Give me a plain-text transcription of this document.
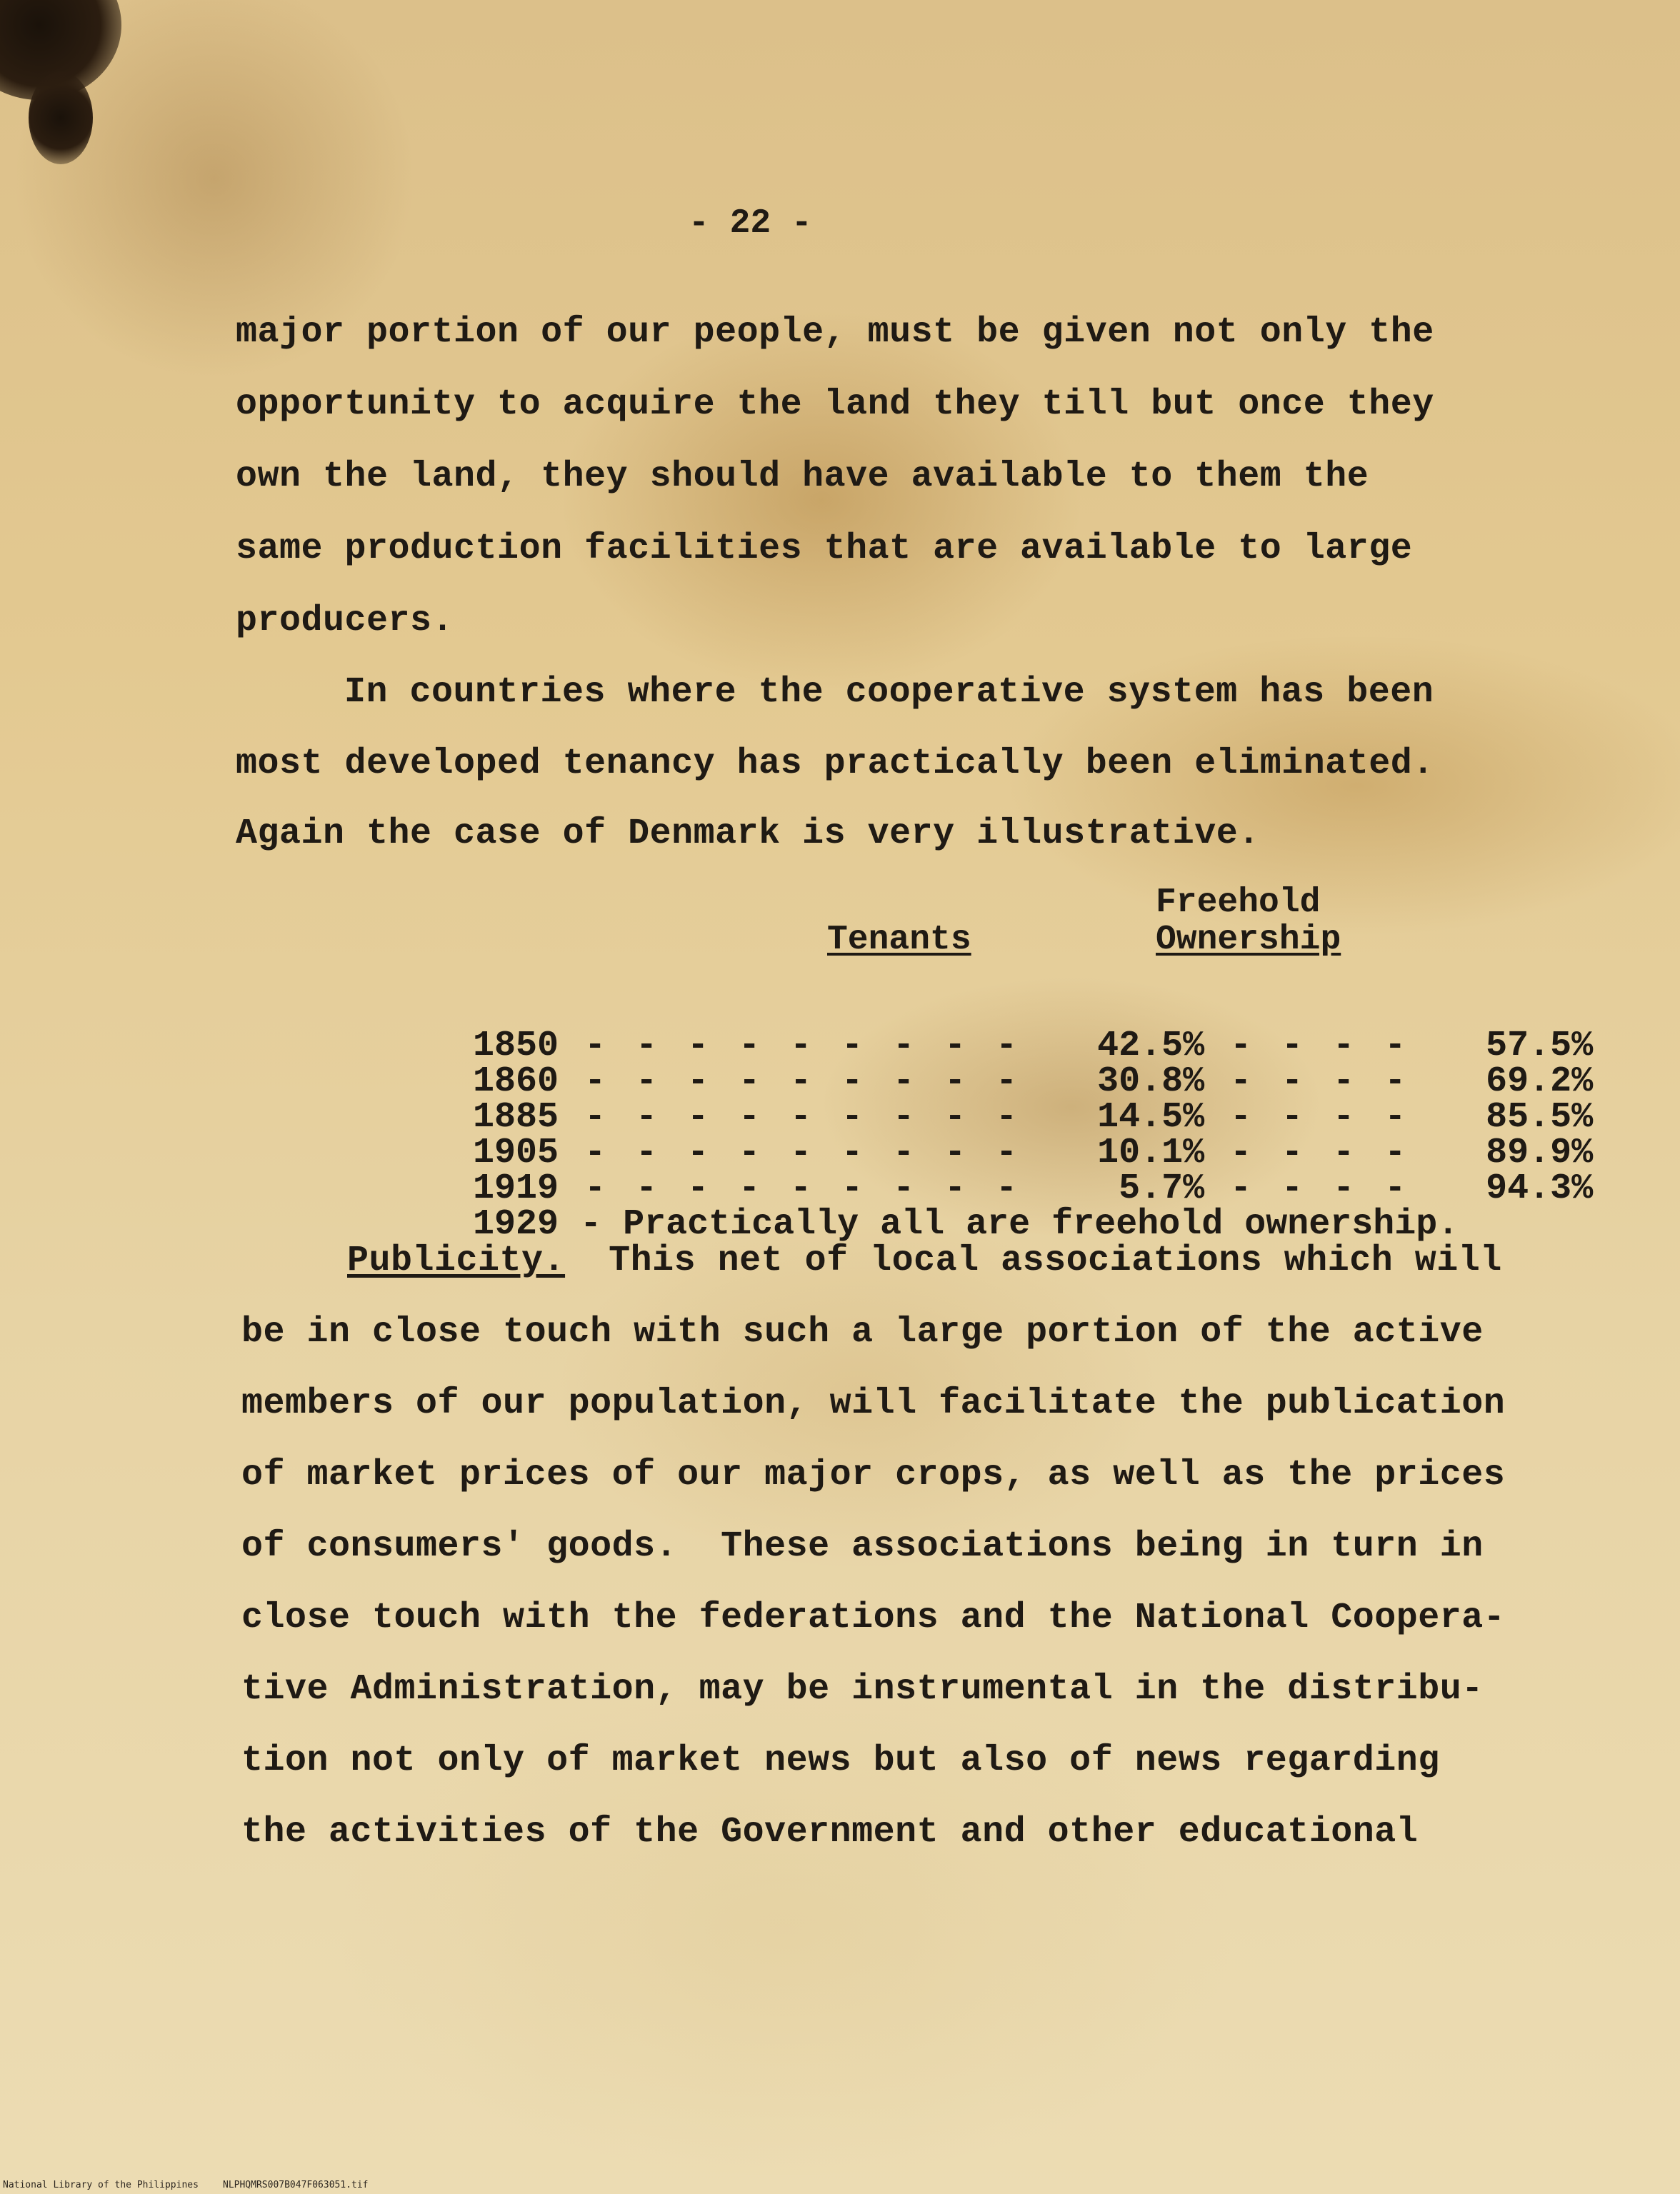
- 22 -
major portion of our people, must be given not only the
opportunity to acquire the land they till but once they
own the land, they should have available to them the
same production facilities that are available to large
producers.
In countries where the cooperative system has been
most developed tenancy has practically been eliminated.
Again the case of Denmark is very illustrative.
Freehold
Ownership
Tenants

1850 - - - - - - - - - 42.5% - - - - 57.5%

1860 - - - - - - - - - 30.8% - - - - 69.2%

1885 - - - - - - - - - 14.5% - - - - 85.5%

1905 - - - - - - - - - 10.1% - - - - 89.9%

1919 - - - - - - - - - 5.7% - - - - 94.3%

1929 - Practically all are freehold ownership.

Publicity.  This net of local associations which will
be in close touch with such a large portion of the active
members of our population, will facilitate the publication
of market prices of our major crops, as well as the prices
of consumers' goods.  These associations being in turn in
close touch with the federations and the National Coopera-
tive Administration, may be instrumental in the distribu-
tion not only of market news but also of news regarding
the activities of the Government and other educational
National Library of the Philippines	NLPHQMRS007B047F063051.tif
